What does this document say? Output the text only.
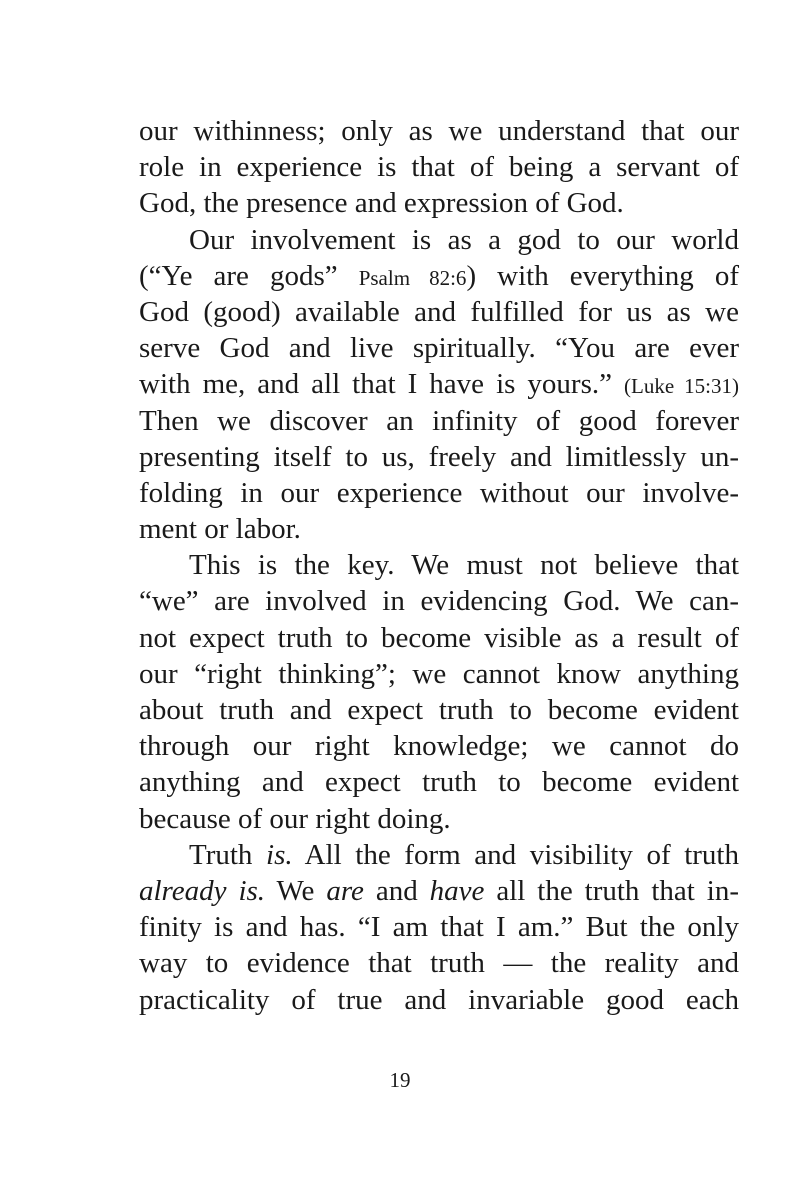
our withinness; only as we understand that our
role in experience is that of being a servant of
God, the presence and expression of God.
Our involvement is as a god to our world
(“Ye are gods” Psalm 82:6) with everything of
God (good) available and fulfilled for us as we
serve God and live spiritually. “You are ever
with me, and all that I have is yours.” (Luke 15:31)
Then we discover an infinity of good forever
presenting itself to us, freely and limitlessly un-
folding in our experience without our involve-
ment or labor.
This is the key. We must not believe that
“we” are involved in evidencing God. We can-
not expect truth to become visible as a result of
our “right thinking”; we cannot know anything
about truth and expect truth to become evident
through our right knowledge; we cannot do
anything and expect truth to become evident
because of our right doing.
Truth is. All the form and visibility of truth
already is. We are and have all the truth that in-
finity is and has. “I am that I am.” But the only
way to evidence that truth — the reality and
practicality of true and invariable good each
19
